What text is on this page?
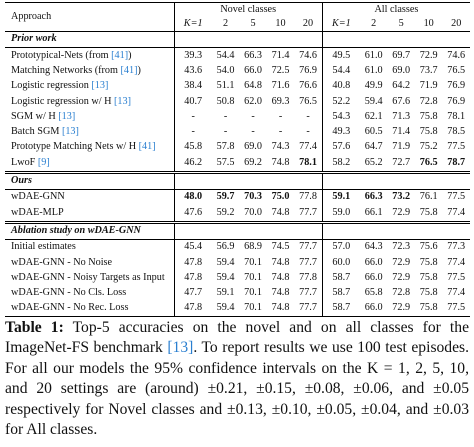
Approach	Novel classes					All classes				
	K=1	2	5	10	20	K=1	2	5	10	20
Prior work										
Prototypical-Nets (from [41])	39.3	54.4	66.3	71.4	74.6	49.5	61.0	69.7	72.9	74.6
Matching Networks (from [41])	43.6	54.0	66.0	72.5	76.9	54.4	61.0	69.0	73.7	76.5
Logistic regression [13]	38.4	51.1	64.8	71.6	76.6	40.8	49.9	64.2	71.9	76.9
Logistic regression w/ H [13]	40.7	50.8	62.0	69.3	76.5	52.2	59.4	67.6	72.8	76.9
SGM w/ H [13]	-	-	-	-	-	54.3	62.1	71.3	75.8	78.1
Batch SGM [13]	-	-	-	-	-	49.3	60.5	71.4	75.8	78.5
Prototype Matching Nets w/ H [41]	45.8	57.8	69.0	74.3	77.4	57.6	64.7	71.9	75.2	77.5
LwoF [9]	46.2	57.5	69.2	74.8	78.1	58.2	65.2	72.7	76.5	78.7
Ours										
wDAE-GNN	48.0	59.7	70.3	75.0	77.8	59.1	66.3	73.2	76.1	77.5
wDAE-MLP	47.6	59.2	70.0	74.8	77.7	59.0	66.1	72.9	75.8	77.4
Ablation study on wDAE-GNN										
Initial estimates	45.4	56.9	68.9	74.5	77.7	57.0	64.3	72.3	75.6	77.3
wDAE-GNN - No Noise	47.8	59.4	70.1	74.8	77.7	60.0	66.0	72.9	75.8	77.4
wDAE-GNN - Noisy Targets as Input	47.8	59.4	70.1	74.8	77.8	58.7	66.0	72.9	75.8	77.5
wDAE-GNN - No Cls. Loss	47.7	59.1	70.1	74.8	77.7	58.7	65.8	72.8	75.8	77.4
wDAE-GNN - No Rec. Loss	47.8	59.4	70.1	74.8	77.7	58.7	66.0	72.9	75.8	77.5
Table 1: Top-5 accuracies on the novel and on all classes for the ImageNet-FS benchmark [13]. To report results we use 100 test episodes. For all our models the 95% confidence intervals on the K = 1, 2, 5, 10, and 20 settings are (around) ±0.21, ±0.15, ±0.08, ±0.06, and ±0.05 respectively for Novel classes and ±0.13, ±0.10, ±0.05, ±0.04, and ±0.03 for All classes.
